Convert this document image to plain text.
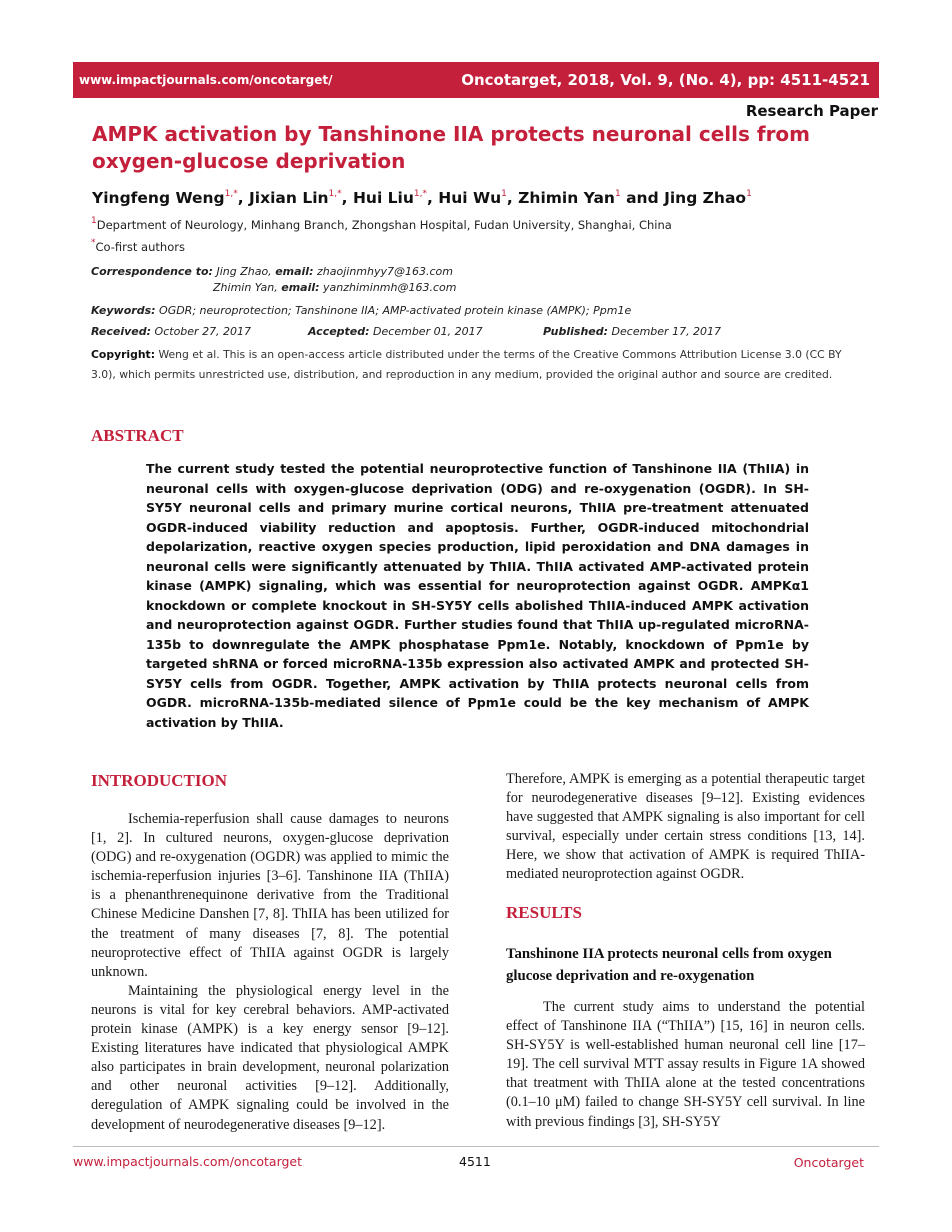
www.impactjournals.com/oncotarget/	Oncotarget, 2018, Vol. 9, (No. 4), pp: 4511-4521
Research Paper
AMPK activation by Tanshinone IIA protects neuronal cells from oxygen-glucose deprivation
Yingfeng Weng$^{1,*}$, Jixian Lin$^{1,*}$, Hui Liu$^{1,*}$, Hui Wu$^1$, Zhimin Yan$^1$ and Jing Zhao$^1$
$^1$Department of Neurology, Minhang Branch, Zhongshan Hospital, Fudan University, Shanghai, China
*Co-first authors
Correspondence to: Jing Zhao, email: zhaojinmhyy7@163.com
Zhimin Yan, email: yanzhiminmh@163.com
Keywords: OGDR; neuroprotection; Tanshinone IIA; AMP-activated protein kinase (AMPK); Ppm1e
Received: October 27, 2017	Accepted: December 01, 2017	Published: December 17, 2017
Copyright: Weng et al. This is an open-access article distributed under the terms of the Creative Commons Attribution License 3.0 (CC BY 3.0), which permits unrestricted use, distribution, and reproduction in any medium, provided the original author and source are credited.
ABSTRACT

The current study tested the potential neuroprotective function of Tanshinone IIA (ThIIA) in neuronal cells with oxygen-glucose deprivation (ODG) and re-oxygenation (OGDR). In SH-SY5Y neuronal cells and primary murine cortical neurons, ThIIA pre-treatment attenuated OGDR-induced viability reduction and apoptosis. Further, OGDR-induced mitochondrial depolarization, reactive oxygen species production, lipid peroxidation and DNA damages in neuronal cells were significantly attenuated by ThIIA. ThIIA activated AMP-activated protein kinase (AMPK) signaling, which was essential for neuroprotection against OGDR. AMPKα1 knockdown or complete knockout in SH-SY5Y cells abolished ThIIA-induced AMPK activation and neuroprotection against OGDR. Further studies found that ThIIA up-regulated microRNA-135b to downregulate the AMPK phosphatase Ppm1e. Notably, knockdown of Ppm1e by targeted shRNA or forced microRNA-135b expression also activated AMPK and protected SH-SY5Y cells from OGDR. Together, AMPK activation by ThIIA protects neuronal cells from OGDR. microRNA-135b-mediated silence of Ppm1e could be the key mechanism of AMPK activation by ThIIA.

INTRODUCTION

Ischemia-reperfusion shall cause damages to neurons [1, 2]. In cultured neurons, oxygen-glucose deprivation (ODG) and re-oxygenation (OGDR) was applied to mimic the ischemia-reperfusion injuries [3–6]. Tanshinone IIA (ThIIA) is a phenanthrenequinone derivative from the Traditional Chinese Medicine Danshen [7, 8]. ThIIA has been utilized for the treatment of many diseases [7, 8]. The potential neuroprotective effect of ThIIA against OGDR is largely unknown.

Maintaining the physiological energy level in the neurons is vital for key cerebral behaviors. AMP-activated protein kinase (AMPK) is a key energy sensor [9–12]. Existing literatures have indicated that physiological AMPK also participates in brain development, neuronal polarization and other neuronal activities [9–12]. Additionally, deregulation of AMPK signaling could be involved in the development of neurodegenerative diseases [9–12].

Therefore, AMPK is emerging as a potential therapeutic target for neurodegenerative diseases [9–12]. Existing evidences have suggested that AMPK signaling is also important for cell survival, especially under certain stress conditions [13, 14]. Here, we show that activation of AMPK is required ThIIA-mediated neuroprotection against OGDR.

RESULTS
Tanshinone IIA protects neuronal cells from oxygen glucose deprivation and re-oxygenation

The current study aims to understand the potential effect of Tanshinone IIA (“ThIIA”) [15, 16] in neuron cells. SH-SY5Y is well-established human neuronal cell line [17–19]. The cell survival MTT assay results in Figure 1A showed that treatment with ThIIA alone at the tested concentrations (0.1–10 μM) failed to change SH-SY5Y cell survival. In line with previous findings [3], SH-SY5Y

www.impactjournals.com/oncotarget	4511	Oncotarget
